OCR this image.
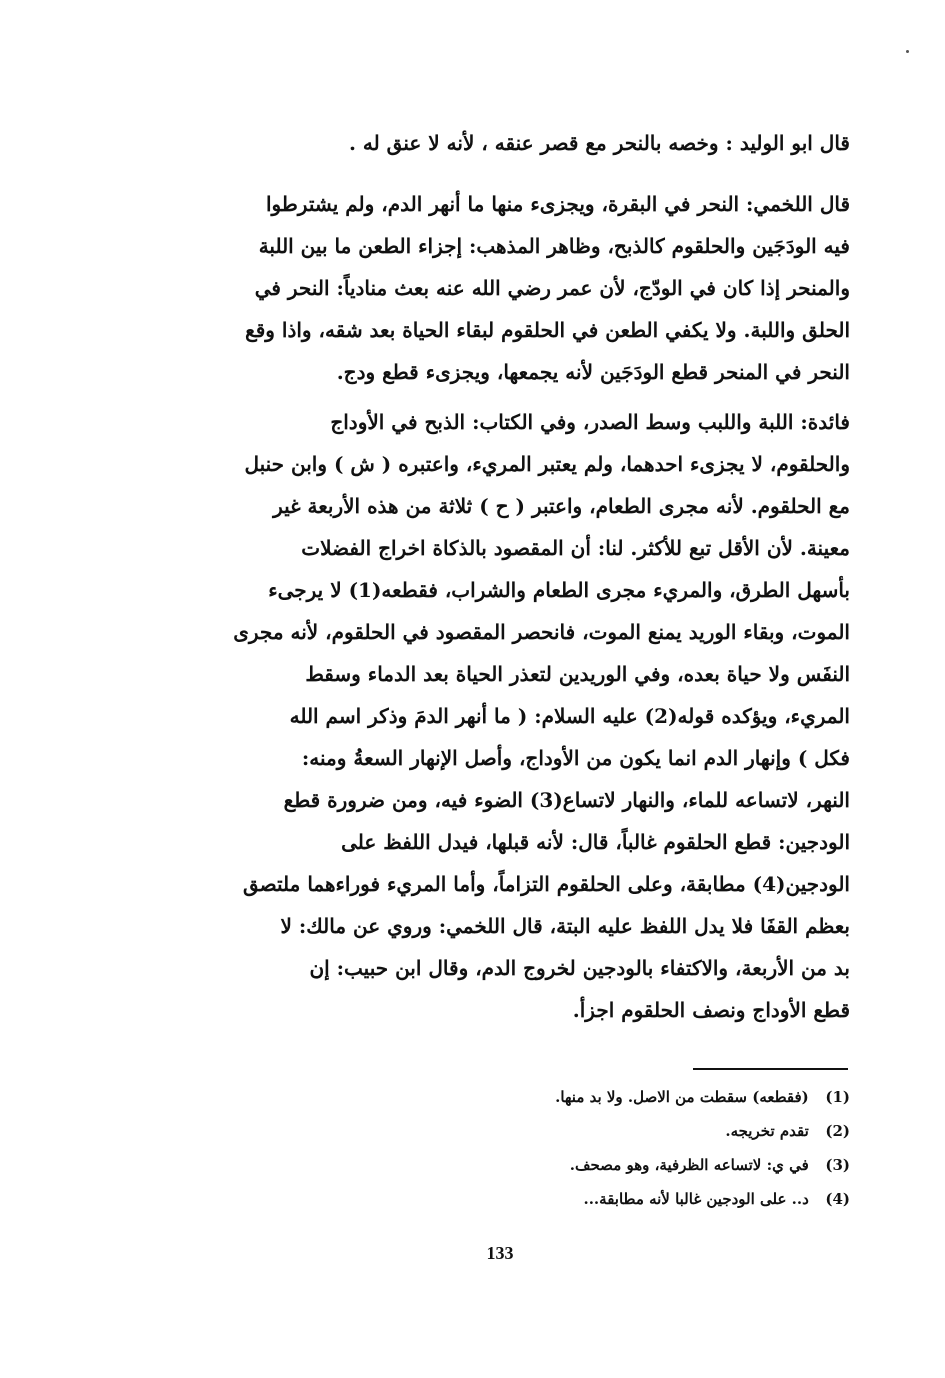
قال ابو الوليد : وخصه بالنحر مع قصر عنقه ، لأنه لا عنق له .
قال اللخمي: النحر في البقرة، ويجزىء منها ما أنهر الدم، ولم يشترطوا
فيه الودَجَين والحلقوم كالذبح، وظاهر المذهب: إجزاء الطعن ما بين اللبة
والمنحر إذا كان في الودّج، لأن عمر رضي الله عنه بعث منادياً: النحر في
الحلق واللبة. ولا يكفي الطعن في الحلقوم لبقاء الحياة بعد شقه، واذا وقع
النحر في المنحر قطع الودَجَين لأنه يجمعها، ويجزىء قطع ودج.
فائدة: اللبة واللبب وسط الصدر، وفي الكتاب: الذبح في الأوداج
والحلقوم، لا يجزىء احدهما، ولم يعتبر المريء، واعتبره ( ش ) وابن حنبل
مع الحلقوم. لأنه مجرى الطعام، واعتبر ( ح ) ثلاثة من هذه الأربعة غير
معينة. لأن الأقل تبع للأكثر. لنا: أن المقصود بالذكاة اخراج الفضلات
بأسهل الطرق، والمريء مجرى الطعام والشراب، فقطعه(1) لا يرجىء
الموت، وبقاء الوريد يمنع الموت، فانحصر المقصود في الحلقوم، لأنه مجرى
النفَس ولا حياة بعده، وفي الوريدين لتعذر الحياة بعد الدماء وسقط
المريء، ويؤكده قوله(2) عليه السلام: ( ما أنهر الدمَ وذكر اسم الله
فكل ) وإنهار الدم انما يكون من الأوداج، وأصل الإنهار السعةُ ومنه:
النهر، لاتساعه للماء، والنهار لاتساع(3) الضوء فيه، ومن ضرورة قطع
الودجين: قطع الحلقوم غالباً، قال: لأنه قبلها، فيدل اللفظ على
الودجين(4) مطابقة، وعلى الحلقوم التزاماً، وأما المريء فوراءهما ملتصق
بعظم القفَا فلا يدل اللفظ عليه البتة، قال اللخمي: وروي عن مالك: لا
بد من الأربعة، والاكتفاء بالودجين لخروج الدم، وقال ابن حبيب: إن
قطع الأوداج ونصف الحلقوم اجزأ.
(1) (فقطعه) سقطت من الاصل. ولا بد منها.
(2) تقدم تخريجه.
(3) في ي: لاتساعه الظرفية، وهو مصحف.
(4) د.. على الودجين غالبا لأنه مطابقة...
133
